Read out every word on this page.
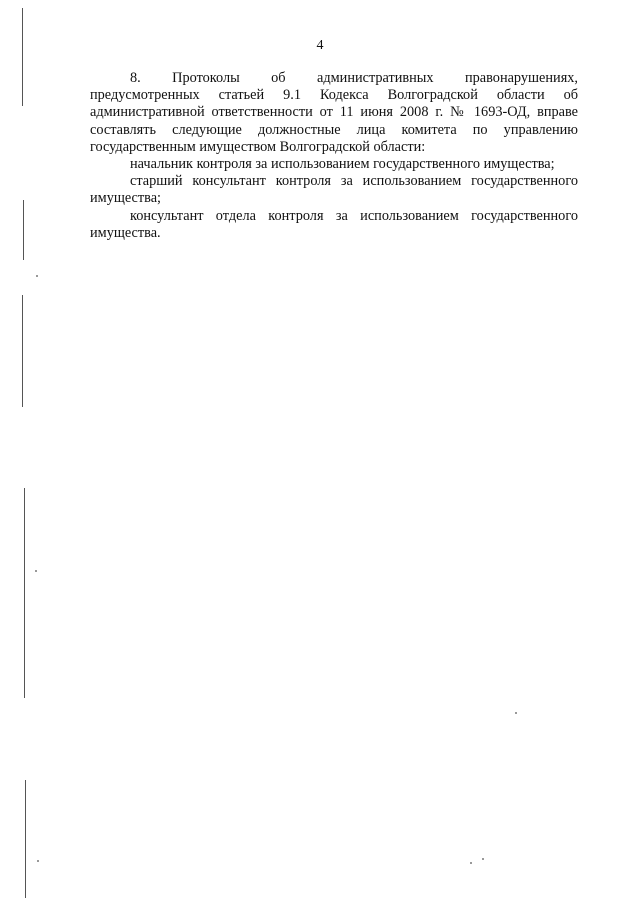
4

8. Протоколы об административных правонарушениях, предусмотренных статьей 9.1 Кодекса Волгоградской области об административной ответственности от 11 июня 2008 г. № 1693-ОД, вправе составлять следующие должностные лица комитета по управлению государственным имуществом Волгоградской области:

начальник контроля за использованием государственного имущества;

старший консультант контроля за использованием государственного имущества;

консультант отдела контроля за использованием государственного имущества.
